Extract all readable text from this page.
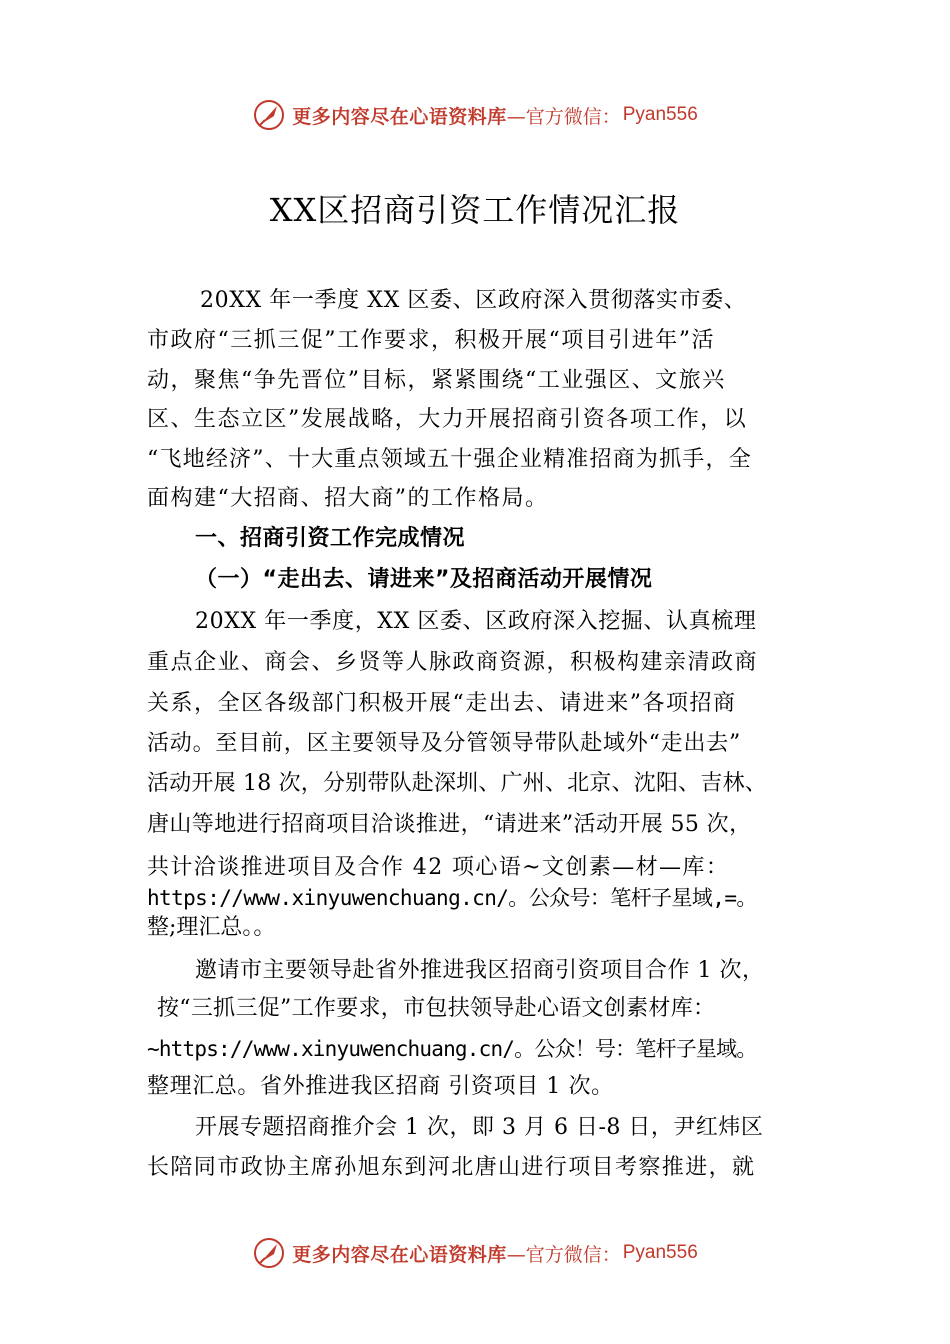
更多内容尽在心语资料库 —官方微信： Pyan556
XX区招商引资工作情况汇报
20XX 年一季度 XX 区委、区政府深入贯彻落实市委、
市政府“三抓三促”工作要求，积极开展“项目引进年”活
动，聚焦“争先晋位”目标，紧紧围绕“工业强区、文旅兴
区、生态立区”发展战略，大力开展招商引资各项工作，以
“飞地经济”、十大重点领域五十强企业精准招商为抓手，全
面构建“大招商、招大商”的工作格局。
一、招商引资工作完成情况
（一）“走出去、请进来”及招商活动开展情况
20XX 年一季度，XX 区委、区政府深入挖掘、认真梳理
重点企业、商会、乡贤等人脉政商资源，积极构建亲清政商
关系，全区各级部门积极开展“走出去、请进来”各项招商
活动。至目前，区主要领导及分管领导带队赴域外“走出去”
活动开展 18 次，分别带队赴深圳、广州、北京、沈阳、吉林、
唐山等地进行招商项目洽谈推进，“请进来”活动开展 55 次，
共计洽谈推进项目及合作 42 项心语~文创素—材—库：
https://www.xinyuwenchuang.cn/。公众号：笔杆子星域,=。
整;理汇总。。
邀请市主要领导赴省外推进我区招商引资项目合作 1 次，
按“三抓三促”工作要求，市包扶领导赴心语文创素材库：
~https://www.xinyuwenchuang.cn/。公众！号：笔杆子星域。
整理汇总。省外推进我区招商 引资项目 1 次。
开展专题招商推介会 1 次，即 3 月 6 日-8 日，尹红炜区
长陪同市政协主席孙旭东到河北唐山进行项目考察推进，就
更多内容尽在心语资料库 —官方微信： Pyan556
